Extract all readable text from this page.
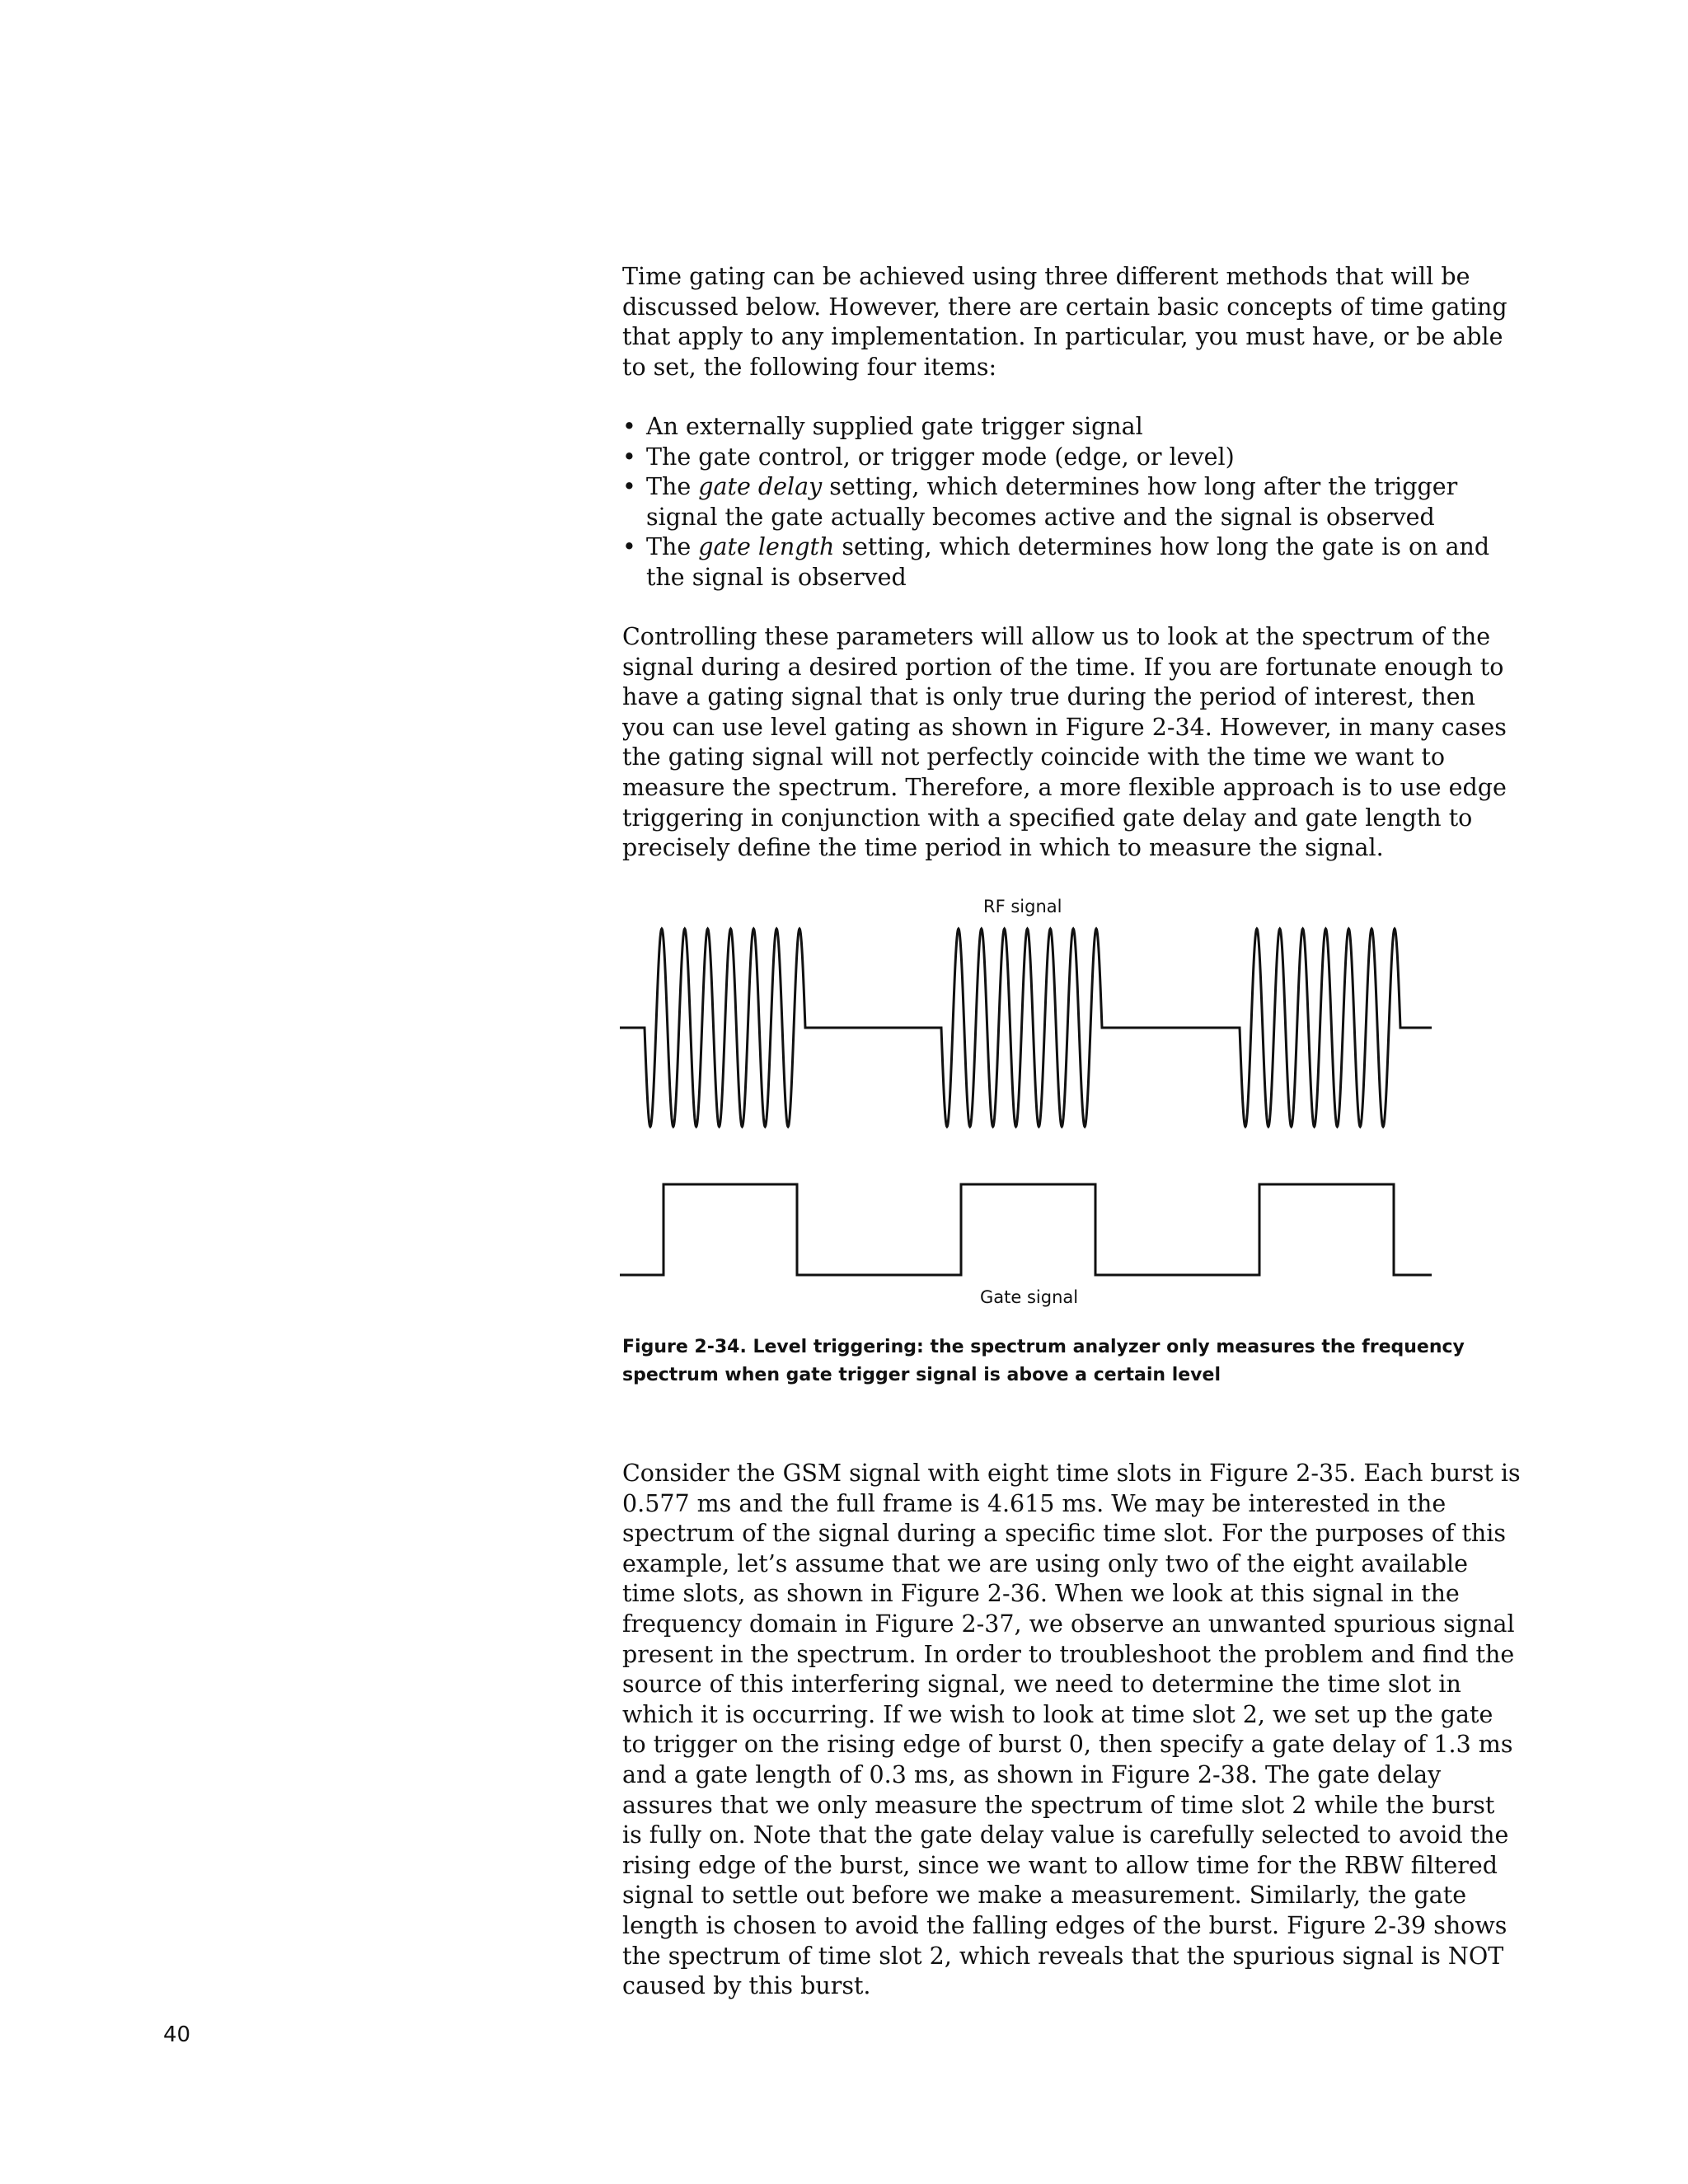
Time gating can be achieved using three different methods that will be discussed below. However, there are certain basic concepts of time gating that apply to any implementation. In particular, you must have, or be able to set, the following four items:

• An externally supplied gate trigger signal
• The gate control, or trigger mode (edge, or level)
• The gate delay setting, which determines how long after the trigger signal the gate actually becomes active and the signal is observed
• The gate length setting, which determines how long the gate is on and the signal is observed

Controlling these parameters will allow us to look at the spectrum of the signal during a desired portion of the time. If you are fortunate enough to have a gating signal that is only true during the period of interest, then you can use level gating as shown in Figure 2-34. However, in many cases the gating signal will not perfectly coincide with the time we want to measure the spectrum. Therefore, a more flexible approach is to use edge triggering in conjunction with a specified gate delay and gate length to precisely define the time period in which to measure the signal.

RF signal
Gate signal

Figure 2-34. Level triggering: the spectrum analyzer only measures the frequency spectrum when gate trigger signal is above a certain level

Consider the GSM signal with eight time slots in Figure 2-35. Each burst is 0.577 ms and the full frame is 4.615 ms. We may be interested in the spectrum of the signal during a specific time slot. For the purposes of this example, let’s assume that we are using only two of the eight available time slots, as shown in Figure 2-36. When we look at this signal in the frequency domain in Figure 2-37, we observe an unwanted spurious signal present in the spectrum. In order to troubleshoot the problem and find the source of this interfering signal, we need to determine the time slot in which it is occurring. If we wish to look at time slot 2, we set up the gate to trigger on the rising edge of burst 0, then specify a gate delay of 1.3 ms and a gate length of 0.3 ms, as shown in Figure 2-38. The gate delay assures that we only measure the spectrum of time slot 2 while the burst is fully on. Note that the gate delay value is carefully selected to avoid the rising edge of the burst, since we want to allow time for the RBW filtered signal to settle out before we make a measurement. Similarly, the gate length is chosen to avoid the falling edges of the burst. Figure 2-39 shows the spectrum of time slot 2, which reveals that the spurious signal is NOT caused by this burst.

40
